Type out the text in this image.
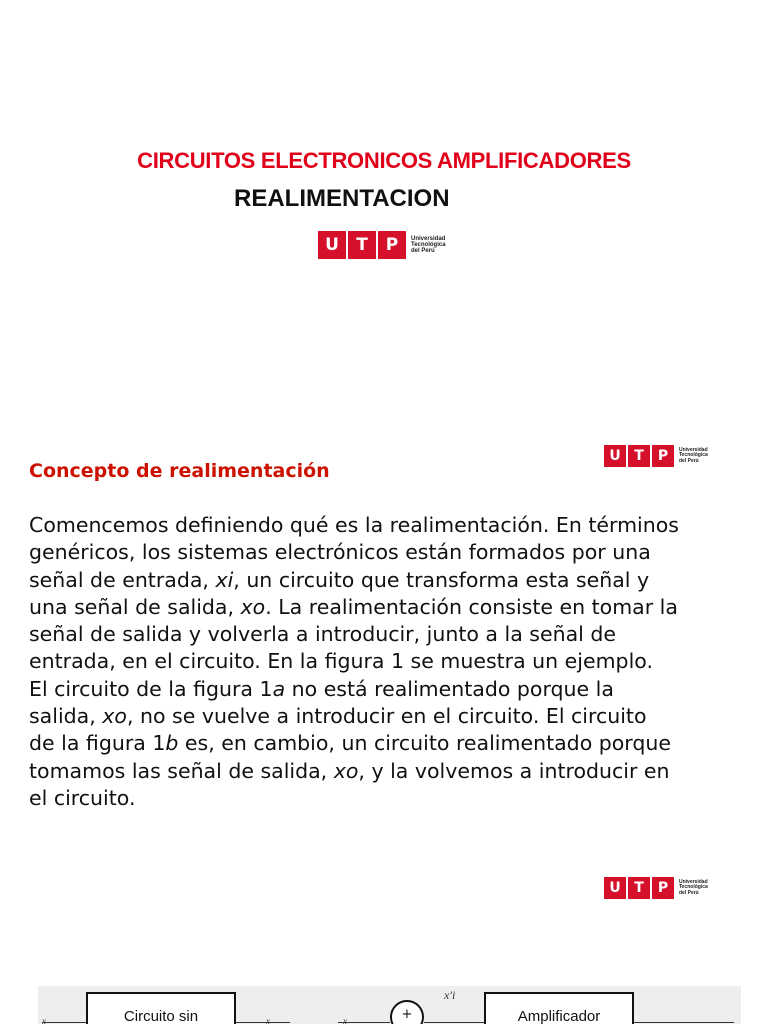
CIRCUITOS ELECTRONICOS AMPLIFICADORES
REALIMENTACION
U	T	P	Universidad
Tecnológica
del Perú
U T	P	Universidad
Tecnológica
del Perú
Concepto de realimentación
Comencemos definiendo qué es la realimentación. En términos
genéricos, los sistemas electrónicos están formados por una
señal de entrada, xi, un circuito que transforma esta señal y
una señal de salida, xo. La realimentación consiste en tomar la
señal de salida y volverla a introducir, junto a la señal de
entrada, en el circuito. En la figura 1 se muestra un ejemplo.
El circuito de la figura 1a no está realimentado porque la
salida, xo, no se vuelve a introducir en el circuito. El circuito
de la figura 1b es, en cambio, un circuito realimentado porque
tomamos las señal de salida, xo, y la volvemos a introducir en
el circuito.
U T	P	Universidad
Tecnológica
del Perú
x	Circuito sin	x	x	+
x′i
Amplificador
